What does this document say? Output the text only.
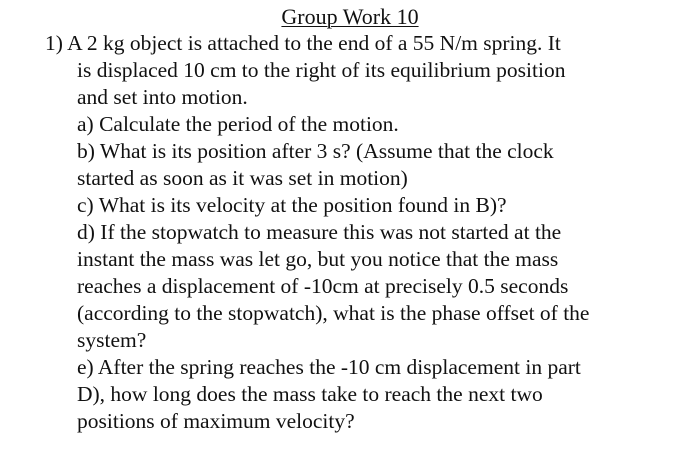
Group Work 10
1) A 2 kg object is attached to the end of a 55 N/m spring. It
is displaced 10 cm to the right of its equilibrium position
and set into motion.
a) Calculate the period of the motion.
b) What is its position after 3 s? (Assume that the clock
started as soon as it was set in motion)
c) What is its velocity at the position found in B)?
d) If the stopwatch to measure this was not started at the
instant the mass was let go, but you notice that the mass
reaches a displacement of -10cm at precisely 0.5 seconds
(according to the stopwatch), what is the phase offset of the
system?
e) After the spring reaches the -10 cm displacement in part
D), how long does the mass take to reach the next two
positions of maximum velocity?
